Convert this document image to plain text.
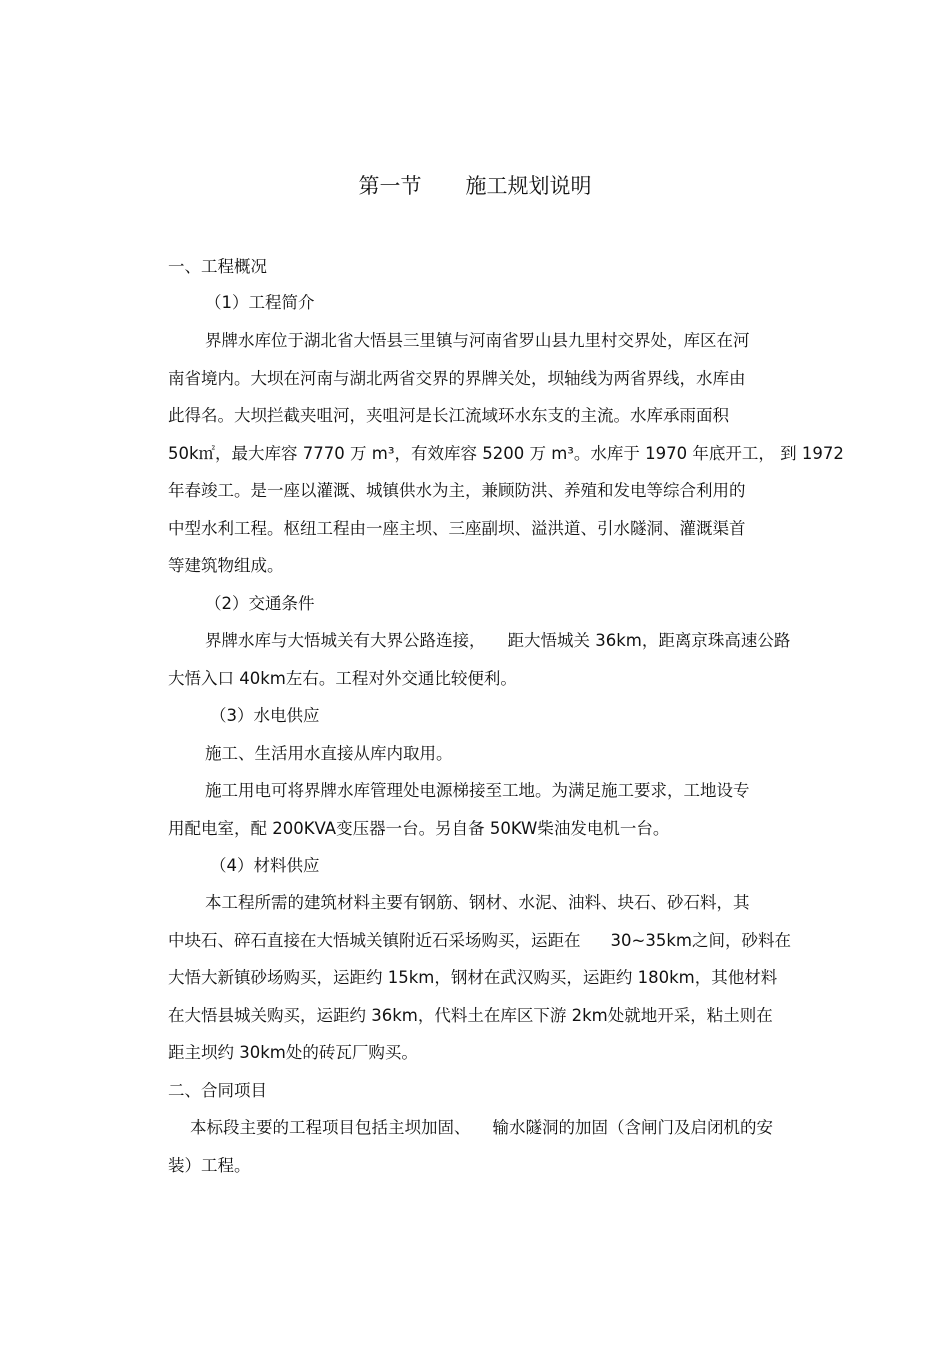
第一节 施工规划说明
一、工程概况
（1）工程简介
界牌水库位于湖北省大悟县三里镇与河南省罗山县九里村交界处，库区在河
南省境内。大坝在河南与湖北两省交界的界牌关处，坝轴线为两省界线，水库由
此得名。大坝拦截夹咀河，夹咀河是长江流域环水东支的主流。水库承雨面积
50k㎡，最大库容 7770 万 m³，有效库容 5200 万 m³。水库于 1970 年底开工， 到 1972
年春竣工。是一座以灌溉、城镇供水为主，兼顾防洪、养殖和发电等综合利用的
中型水利工程。枢纽工程由一座主坝、三座副坝、溢洪道、引水隧洞、灌溉渠首
等建筑物组成。
（2）交通条件
界牌水库与大悟城关有大界公路连接， 距大悟城关 36km，距离京珠高速公路
大悟入口 40km左右。工程对外交通比较便利。
（3）水电供应
施工、生活用水直接从库内取用。
施工用电可将界牌水库管理处电源梯接至工地。为满足施工要求，工地设专
用配电室，配 200KVA变压器一台。另自备 50KW柴油发电机一台。
（4）材料供应
本工程所需的建筑材料主要有钢筋、钢材、水泥、油料、块石、砂石料，其
中块石、碎石直接在大悟城关镇附近石采场购买，运距在 30~35km之间，砂料在
大悟大新镇砂场购买，运距约 15km，钢材在武汉购买，运距约 180km，其他材料
在大悟县城关购买，运距约 36km，代料土在库区下游 2km处就地开采，粘土则在
距主坝约 30km处的砖瓦厂购买。
二、合同项目
本标段主要的工程项目包括主坝加固、 输水隧洞的加固（含闸门及启闭机的安
装）工程。
